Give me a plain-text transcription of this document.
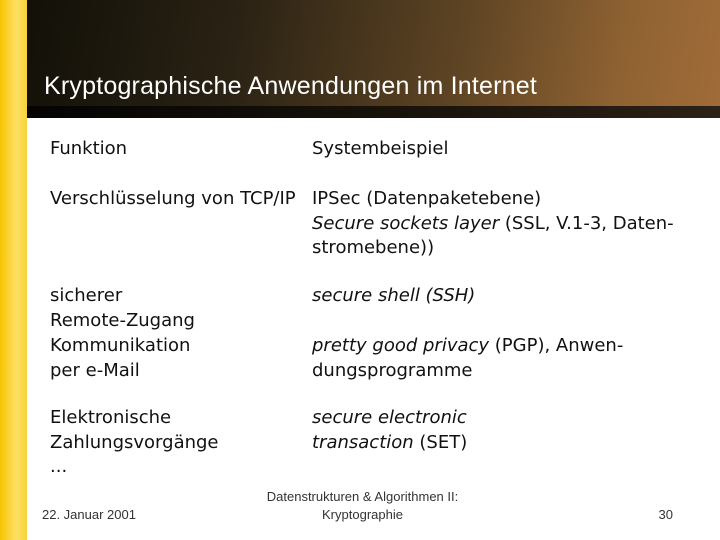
Kryptographische Anwendungen im Internet

Funktion	Systembeispiel

Verschlüsselung von TCP/IP IPSec (Datenpaketebene)
Secure sockets layer (SSL, V.1-3, Daten-
stromebene))
sicherer
Remote-Zugang
secure shell (SSH)
Kommunikation
per e-Mail
pretty good privacy (PGP), Anwen-
dungsprogramme
Elektronische
Zahlungsvorgänge
...
secure electronic
transaction (SET)
22. Januar 2001
Datenstrukturen & Algorithmen II:
Kryptographie	30
